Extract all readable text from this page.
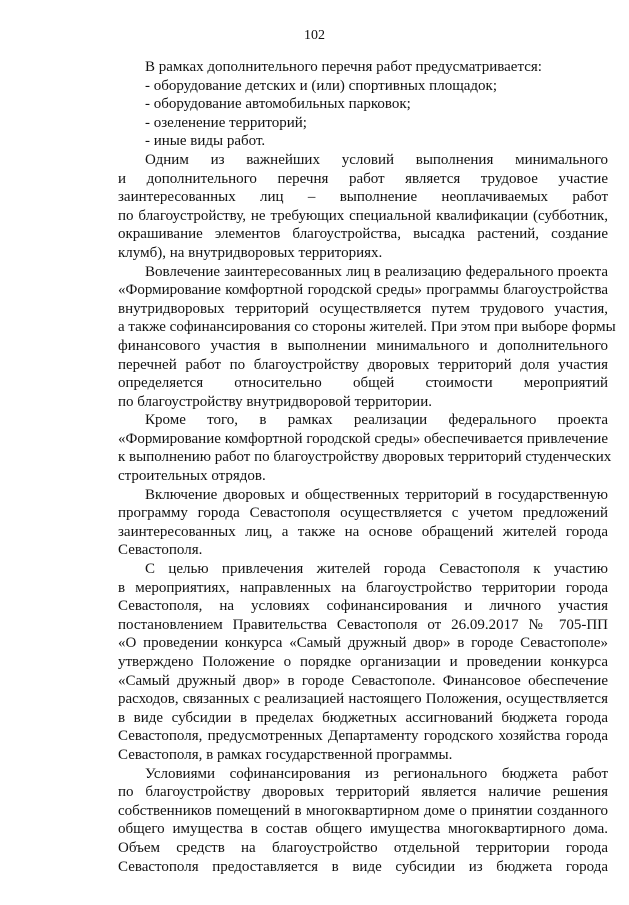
102
В рамках дополнительного перечня работ предусматривается:
- оборудование детских и (или) спортивных площадок;
- оборудование автомобильных парковок;
- озеленение территорий;
- иные виды работ.
Одним из важнейших условий выполнения минимального
и дополнительного перечня работ является трудовое участие
заинтересованных лиц – выполнение неоплачиваемых работ
по благоустройству, не требующих специальной квалификации (субботник,
окрашивание элементов благоустройства, высадка растений, создание
клумб), на внутридворовых территориях.
Вовлечение заинтересованных лиц в реализацию федерального проекта
«Формирование комфортной городской среды» программы благоустройства
внутридворовых территорий осуществляется путем трудового участия,
а также софинансирования со стороны жителей. При этом при выборе формы
финансового участия в выполнении минимального и дополнительного
перечней работ по благоустройству дворовых территорий доля участия
определяется относительно общей стоимости мероприятий
по благоустройству внутридворовой территории.
Кроме того, в рамках реализации федерального проекта
«Формирование комфортной городской среды» обеспечивается привлечение
к выполнению работ по благоустройству дворовых территорий студенческих
строительных отрядов.
Включение дворовых и общественных территорий в государственную
программу города Севастополя осуществляется с учетом предложений
заинтересованных лиц, а также на основе обращений жителей города
Севастополя.
С целью привлечения жителей города Севастополя к участию
в мероприятиях, направленных на благоустройство территории города
Севастополя, на условиях софинансирования и личного участия
постановлением Правительства Севастополя от 26.09.2017 № 705-ПП
«О проведении конкурса «Самый дружный двор» в городе Севастополе»
утверждено Положение о порядке организации и проведении конкурса
«Самый дружный двор» в городе Севастополе. Финансовое обеспечение
расходов, связанных с реализацией настоящего Положения, осуществляется
в виде субсидии в пределах бюджетных ассигнований бюджета города
Севастополя, предусмотренных Департаменту городского хозяйства города
Севастополя, в рамках государственной программы.
Условиями софинансирования из регионального бюджета работ
по благоустройству дворовых территорий является наличие решения
собственников помещений в многоквартирном доме о принятии созданного
общего имущества в состав общего имущества многоквартирного дома.
Объем средств на благоустройство отдельной территории города
Севастополя предоставляется в виде субсидии из бюджета города
